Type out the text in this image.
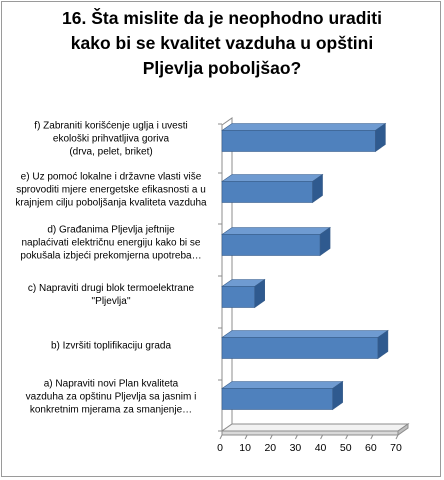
16. Šta mislite da je neophodno uraditi
kako bi se kvalitet vazduha u opštini
Pljevlja poboljšao?
f) Zabraniti korišćenje uglja i uvesti
ekološki prihvatljiva goriva
(drva, pelet, briket)
e) Uz pomoć lokalne i državne vlasti više
sprovoditi mjere energetske efikasnosti a u
krajnjem cilju poboljšanja kvaliteta vazduha
d) Građanima Pljevlja jeftnije
naplaćivati električnu energiju kako bi se
pokušala izbjeći prekomjerna upotreba…
c) Napraviti drugi blok termoelektrane
''Pljevlja''
b) Izvršiti toplifikaciju grada
a) Napraviti novi Plan kvaliteta
vazduha za opštinu Pljevlja sa jasnim i
konkretnim mjerama za smanjenje…
0 10 20 30 40 50 60 70
